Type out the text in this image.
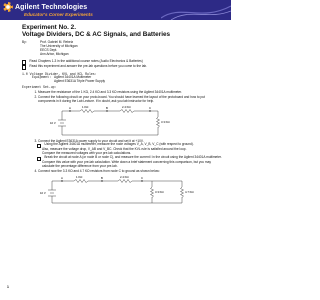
Agilent Technologies
Educator's Corner Experiments
Experiment No. 2.
Voltage Dividers, DC & AC Signals, and Batteries
By:	Prof. Gabriel M. Rebeiz
The University of Michigan
EECS Dept.
Ann Arbor, Michigan
Read Chapters 1-3 in the additional course notes (Audio Electronics & Batteries)
Read this experiment and answer the pre-lab questions before you come to the lab.
1.0 Voltage Divider, KVL and KCL Rules:
Equipment: Agilent 34401A Multimeter
Agilent E3631A Triple Power Supply
Experiment Set-up:
1. Measure the resistance of the 1 KΩ, 2.4 KΩ and 3.3 KΩ resistors using the Agilent 34401A multimeter.
2. Connect the following circuit on your proto-board. You should have learned the layout of the protoboard and how to put components in it during the Lab Lecture. If in doubt, ask you lab instructor for help.
A	1 KΩ	B	2.4 KΩ	C
3.3 KΩ
10 V
3. Connect the Agilent E3631A power supply to your circuit and set it at +10V.
Using the Agilent 34401A multimeter, measure the node voltages V_A, V_B, V_C (with respect to ground).
Also, measure the voltage drop, V_AB and V_BC. Check that the KVL rule is satisfied around the loop.
Compare the measured voltages with your pre-lab calculations.
Break the circuit at node A (or node B or node C), and measure the current I in the circuit using the Agilent 34401A multimeter.
Compare this value with your pre-lab calculation. Write down a brief statement concerning this comparison, but you may calculate the percentage difference from your pre-lab.
4. Connect now the 3.3 KΩ and 4.7 KΩ resistors from node C to ground as shown below:
A	1 KΩ	B	2.4 KΩ	C
10 V	3.3 KΩ	4.7 KΩ
1
